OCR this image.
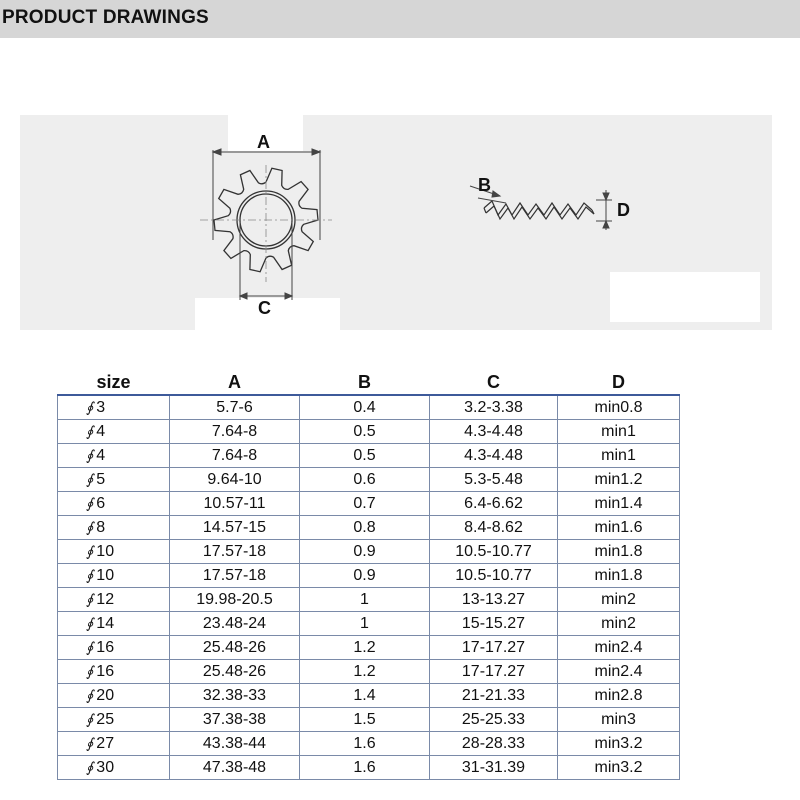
PRODUCT DRAWINGS
A
C
B
D
size	A	B	C	D
∮ 3	5.7-6	0.4	3.2-3.38	min0.8
∮ 4	7.64-8	0.5	4.3-4.48	min1
∮ 4	7.64-8	0.5	4.3-4.48	min1
∮ 5	9.64-10	0.6	5.3-5.48	min1.2
∮ 6	10.57-11	0.7	6.4-6.62	min1.4
∮ 8	14.57-15	0.8	8.4-8.62	min1.6
∮ 10	17.57-18	0.9	10.5-10.77	min1.8
∮ 10	17.57-18	0.9	10.5-10.77	min1.8
∮ 12	19.98-20.5	1	13-13.27	min2
∮ 14	23.48-24	1	15-15.27	min2
∮ 16	25.48-26	1.2	17-17.27	min2.4
∮ 16	25.48-26	1.2	17-17.27	min2.4
∮ 20	32.38-33	1.4	21-21.33	min2.8
∮ 25	37.38-38	1.5	25-25.33	min3
∮ 27	43.38-44	1.6	28-28.33	min3.2
∮ 30	47.38-48	1.6	31-31.39	min3.2
